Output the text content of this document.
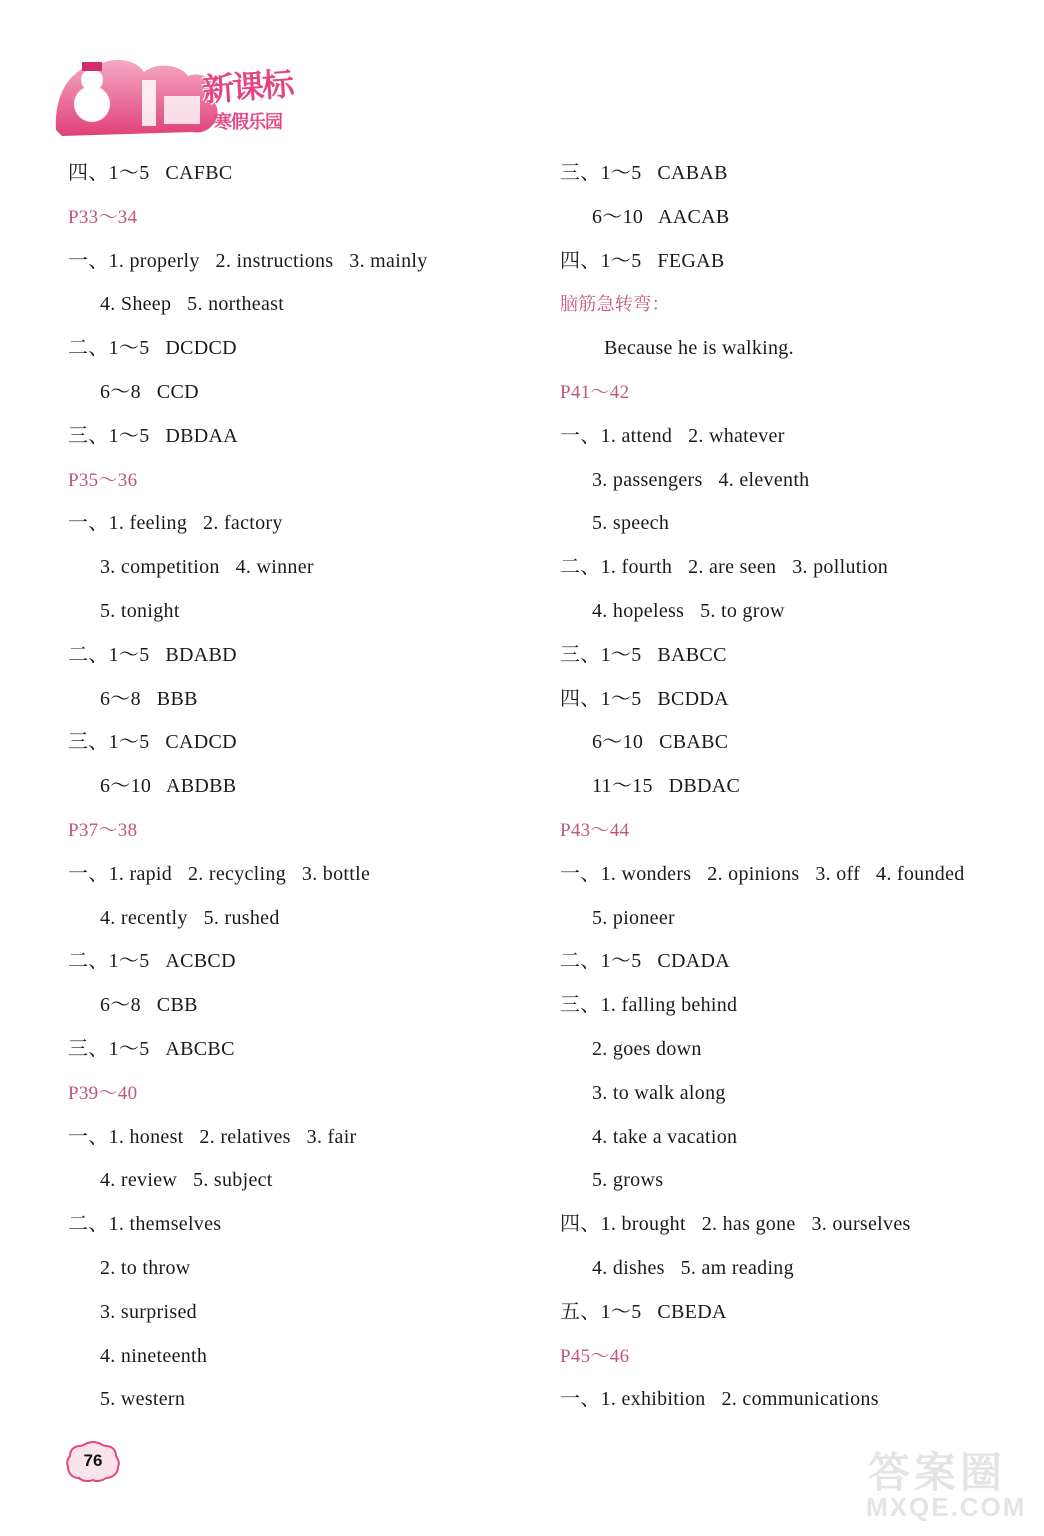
新课标
寒假乐园
四、1～5   CAFBC
P33～34
一、1. properly   2. instructions   3. mainly
4. Sheep   5. northeast
二、1～5   DCDCD
6～8   CCD
三、1～5   DBDAA
P35～36
一、1. feeling   2. factory
3. competition   4. winner
5. tonight
二、1～5   BDABD
6～8   BBB
三、1～5   CADCD
6～10   ABDBB
P37～38
一、1. rapid   2. recycling   3. bottle
4. recently   5. rushed
二、1～5   ACBCD
6～8   CBB
三、1～5   ABCBC
P39～40
一、1. honest   2. relatives   3. fair
4. review   5. subject
二、1. themselves
2. to throw
3. surprised
4. nineteenth
5. western
三、1～5   CABAB
6～10   AACAB
四、1～5   FEGAB
脑筋急转弯：
Because he is walking.
P41～42
一、1. attend   2. whatever
3. passengers   4. eleventh
5. speech
二、1. fourth   2. are seen   3. pollution
4. hopeless   5. to grow
三、1～5   BABCC
四、1～5   BCDDA
6～10   CBABC
11～15   DBDAC
P43～44
一、1. wonders   2. opinions   3. off   4. founded
5. pioneer
二、1～5   CDADA
三、1. falling behind
2. goes down
3. to walk along
4. take a vacation
5. grows
四、1. brought   2. has gone   3. ourselves
4. dishes   5. am reading
五、1～5   CBEDA
P45～46
一、1. exhibition   2. communications
76	答案圈
MXQE.COM
